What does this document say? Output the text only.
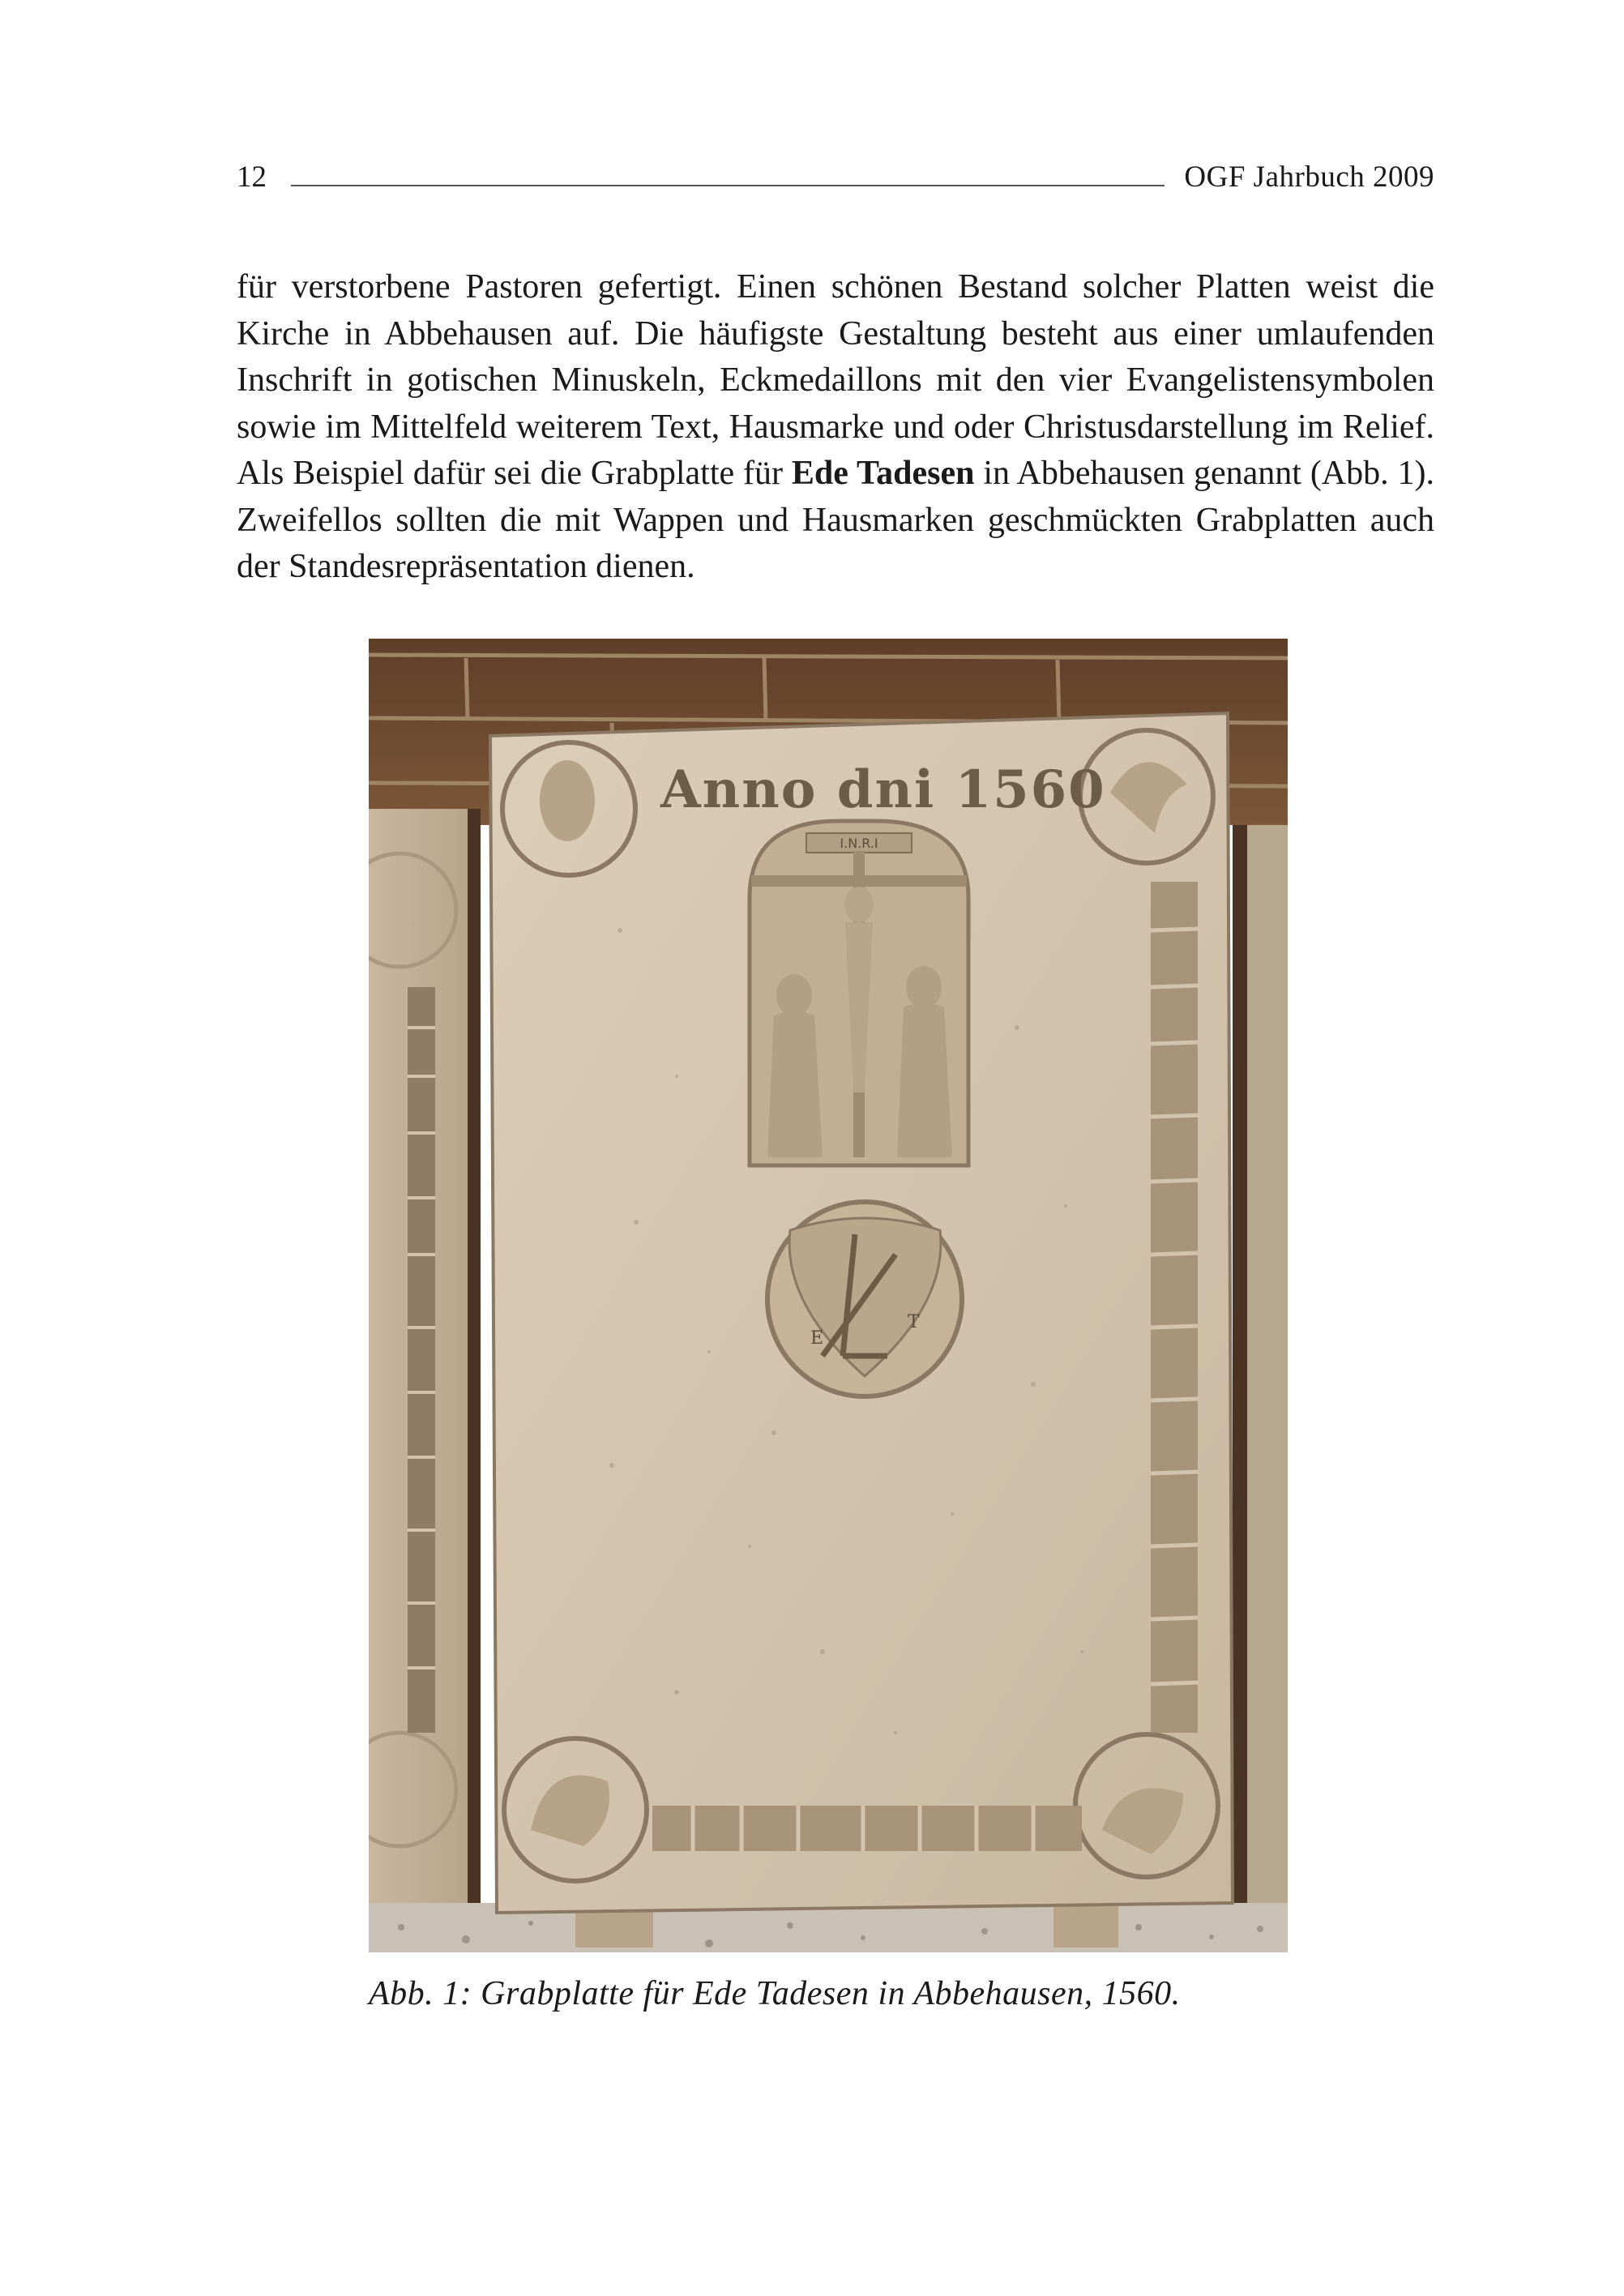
12	OGF Jahrbuch 2009

für verstorbene Pastoren gefertigt. Einen schönen Bestand solcher Platten weist die Kirche in Abbehausen auf. Die häufigste Gestaltung besteht aus einer umlaufenden Inschrift in gotischen Minuskeln, Eckmedaillons mit den vier Evangelistensymbolen sowie im Mittelfeld weiterem Text, Hausmarke und oder Christusdarstellung im Relief. Als Beispiel dafür sei die Grabplatte für Ede Tadesen in Abbehausen genannt (Abb. 1). Zweifellos sollten die mit Wappen und Hausmarken geschmückten Grabplatten auch der Standesrepräsentation dienen.

Anno dni 1560
I.N.R.I
E
T
Abb. 1: Grabplatte für Ede Tadesen in Abbehausen, 1560.
